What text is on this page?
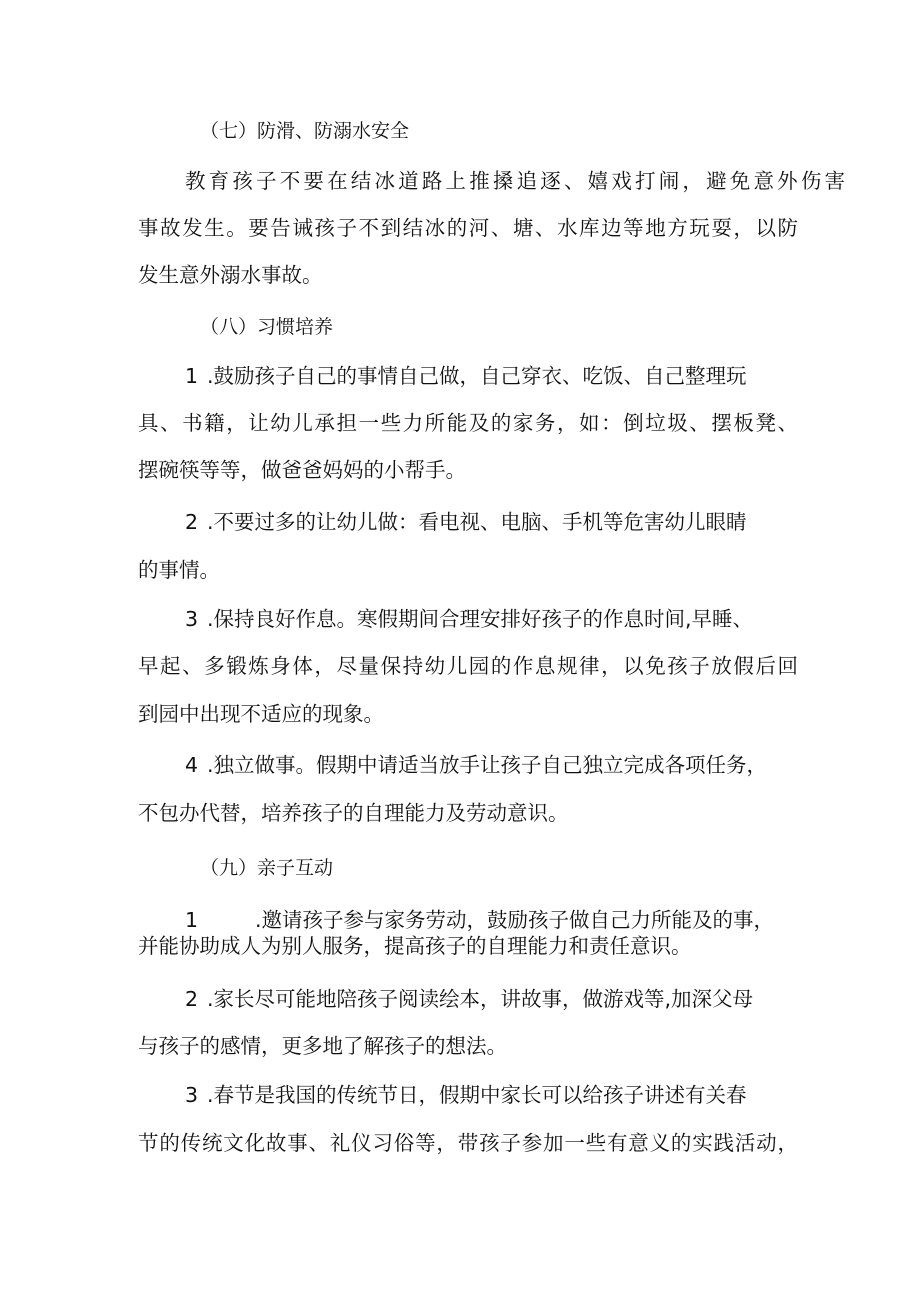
（七）防滑、防溺水安全
教育孩子不要在结冰道路上推搡追逐、嬉戏打闹，避免意外伤害
事故发生。要告诫孩子不到结冰的河、塘、水库边等地方玩耍，以防
发生意外溺水事故。
（八）习惯培养
1 .鼓励孩子自己的事情自己做，自己穿衣、吃饭、自己整理玩
具、书籍，让幼儿承担一些力所能及的家务，如：倒垃圾、摆板凳、
摆碗筷等等，做爸爸妈妈的小帮手。
2 .不要过多的让幼儿做：看电视、电脑、手机等危害幼儿眼睛
的事情。
3 .保持良好作息。寒假期间合理安排好孩子的作息时间,早睡、
早起、多锻炼身体，尽量保持幼儿园的作息规律，以免孩子放假后回
到园中出现不适应的现象。
4 .独立做事。假期中请适当放手让孩子自己独立完成各项任务，
不包办代替，培养孩子的自理能力及劳动意识。
（九）亲子互动
1	.邀请孩子参与家务劳动，鼓励孩子做自己力所能及的事，
并能协助成人为别人服务，提高孩子的自理能力和责任意识。
2 .家长尽可能地陪孩子阅读绘本，讲故事，做游戏等,加深父母
与孩子的感情，更多地了解孩子的想法。
3 .春节是我国的传统节日，假期中家长可以给孩子讲述有关春
节的传统文化故事、礼仪习俗等，带孩子参加一些有意义的实践活动，
